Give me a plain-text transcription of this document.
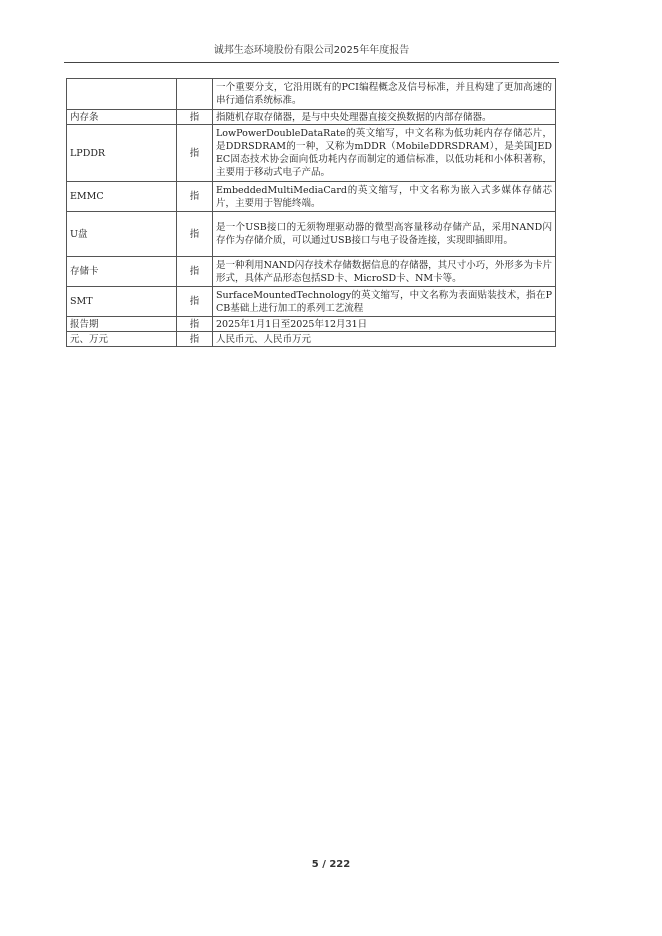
诚邦生态环境股份有限公司2025年年度报告
		一个重要分支，它沿用既有的PCI编程概念及信号标准，并且构建了更加高速的串行通信系统标准。
内存条	指	指随机存取存储器，是与中央处理器直接交换数据的内部存储器。
LPDDR	指	LowPowerDoubleDataRate的英文缩写，中文名称为低功耗内存存储芯片，是DDRSDRAM的一种，又称为mDDR（MobileDDRSDRAM），是美国JEDEC固态技术协会面向低功耗内存而制定的通信标准，以低功耗和小体积著称，主要用于移动式电子产品。
EMMC	指	EmbeddedMultiMediaCard的英文缩写，中文名称为嵌入式多媒体存储芯片，主要用于智能终端。
U盘	指	是一个USB接口的无须物理驱动器的微型高容量移动存储产品，采用NAND闪存作为存储介质，可以通过USB接口与电子设备连接，实现即插即用。
存储卡	指	是一种利用NAND闪存技术存储数据信息的存储器，其尺寸小巧，外形多为卡片形式，具体产品形态包括SD卡、MicroSD卡、NM卡等。
SMT	指	SurfaceMountedTechnology的英文缩写，中文名称为表面贴装技术，指在PCB基础上进行加工的系列工艺流程
报告期	指	2025年1月1日至2025年12月31日
元、万元	指	人民币元、人民币万元
5 / 222
